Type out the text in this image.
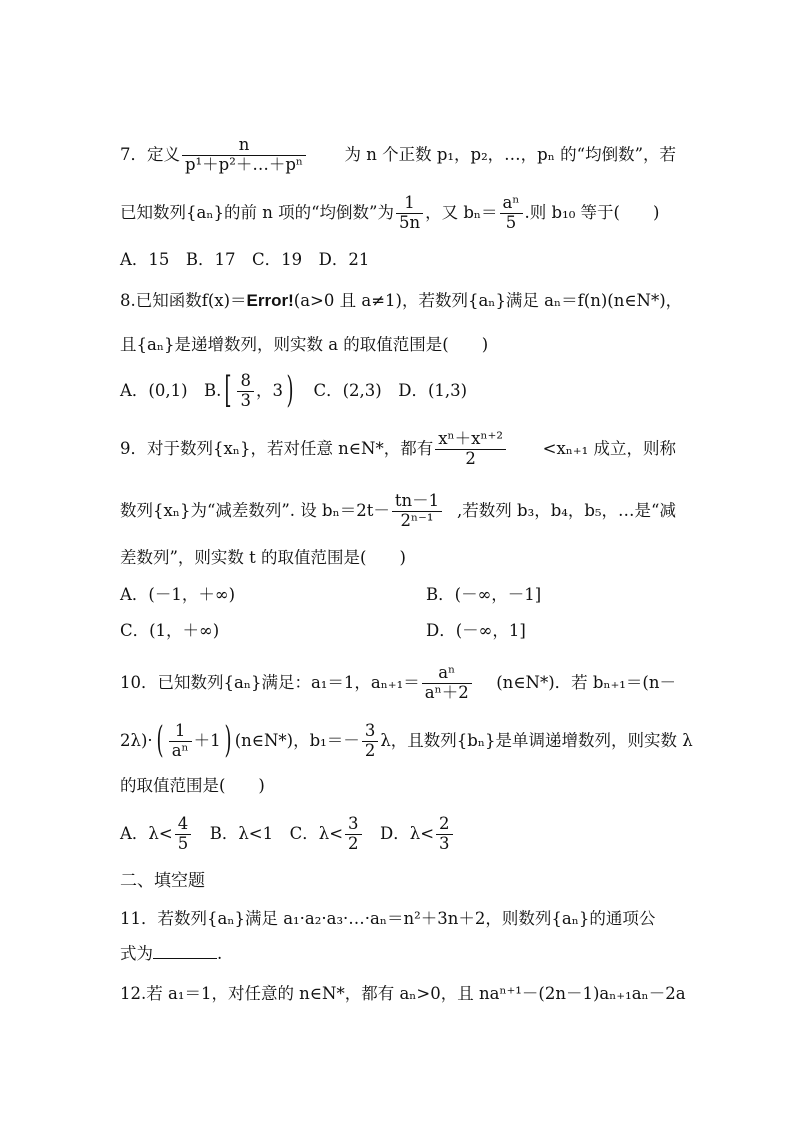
7．定义 $\frac{n}{\text{p¹＋p²＋…＋pⁿ}}$ 为 n 个正数 p₁，p₂，…，pₙ 的“均倒数”，若
已知数列{aₙ}的前 n 项的“均倒数”为 $\frac{1}{5n}$ ，又 $b_n= \frac{\text{aⁿ}}{5}$ .则 b₁₀ 等于(　　)
A．15　B．17　C．19　D．21
8.已知函数f(x)＝Error!(a>0 且 a≠1)，若数列{aₙ}满足 aₙ＝f(n)(n∈N*)，
且{aₙ}是递增数列，则实数 a 的取值范围是(　　)
A．(0,1)　$B.[ \frac{8}{3}$ ，3)　 C．(2,3)　D．(1,3)
9．对于数列{xₙ}，若对任意 n∈N*，都有 $\frac{\text{xⁿ＋xⁿ⁺²}}{2} <x_{n+1}$ 成立，则称
数列{xₙ}为“减差数列”. 设 $b_n=2t- \frac{tn-1}{\text{2ⁿ⁻¹}}$ ,若数列 b₃，b₄，b₅，…是“减
差数列”，则实数 t 的取值范围是(　　)
A．(－1，＋∞)	B．(－∞，－1]
C．(1，＋∞)	D．(－∞，1]
10．已知数列{aₙ}满足：a₁＝1，$a_{n+1}= \frac{\text{aⁿ}}{\text{aⁿ＋2}}$ (n∈N*)．若 bₙ₊₁＝(n－
$2\lambda)\cdot( \frac{1}{\text{aⁿ}} +1)$ (n∈N*)，$b_1=- \frac{3}{2}$ λ，且数列{bₙ}是单调递增数列，则实数 λ
的取值范围是(　　)
A．$\lambda< \frac{4}{5}$
　 B．λ<1　 C．$\lambda< \frac{3}{2}$
　 D．$\lambda< \frac{2}{3}$
二、填空题
11．若数列{aₙ}满足 a₁·a₂·a₃·…·aₙ＝n²＋3n＋2，则数列{aₙ}的通项公
式为	.
12.若 a₁＝1，对任意的 n∈N*，都有 aₙ>0，且 naⁿ⁺¹－(2n－1)aₙ₊₁aₙ－2a
